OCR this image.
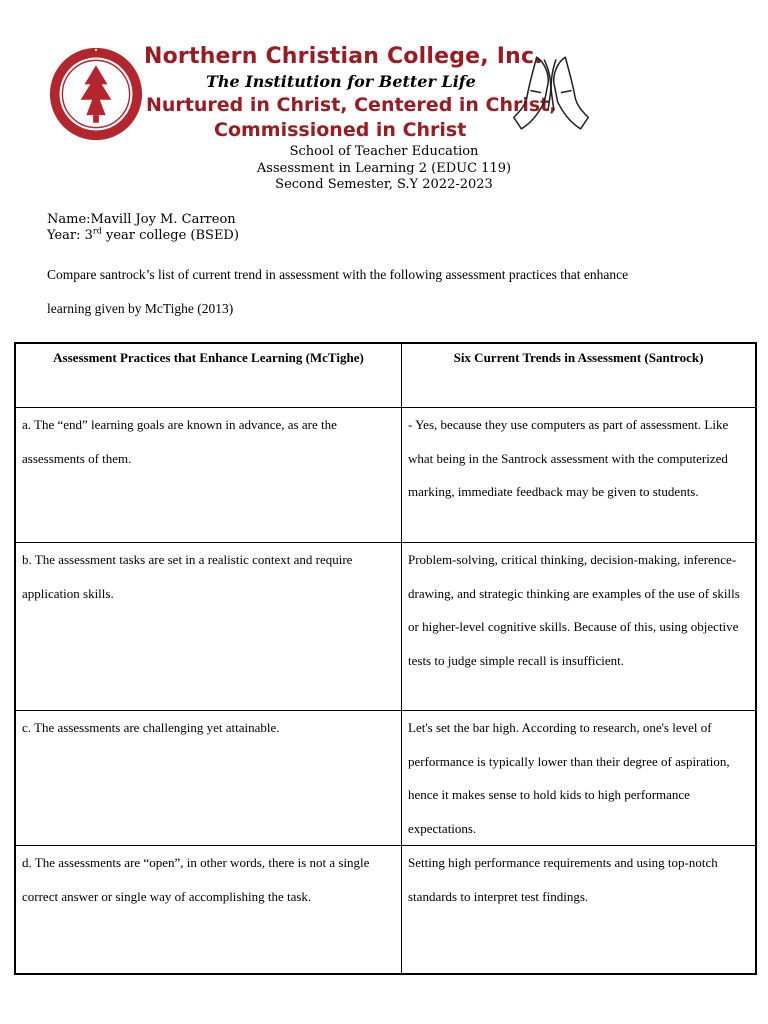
Northern Christian College, Inc.
The Institution for Better Life
Nurtured in Christ, Centered in Christ,
Commissioned in Christ
School of Teacher Education
Assessment in Learning 2 (EDUC 119)
Second Semester, S.Y 2022-2023
Name:Mavill Joy M. Carreon
Year: 3rd year college (BSED)
Compare santrock’s list of current trend in assessment with the following assessment practices that enhance
learning given by McTighe (2013)
Assessment Practices that Enhance Learning (McTighe)	Six Current Trends in Assessment (Santrock)
a. The “end” learning goals are known in advance, as are the assessments of them.	- Yes, because they use computers as part of assessment. Like what being in the Santrock assessment with the computerized marking, immediate feedback may be given to students.
b. The assessment tasks are set in a realistic context and require application skills.	Problem-solving, critical thinking, decision-making, inference-drawing, and strategic thinking are examples of the use of skills or higher-level cognitive skills. Because of this, using objective tests to judge simple recall is insufficient.
c. The assessments are challenging yet attainable.	Let's set the bar high. According to research, one's level of performance is typically lower than their degree of aspiration, hence it makes sense to hold kids to high performance expectations.
d. The assessments are “open”, in other words, there is not a single correct answer or single way of accomplishing the task.	Setting high performance requirements and using top-notch standards to interpret test findings.
